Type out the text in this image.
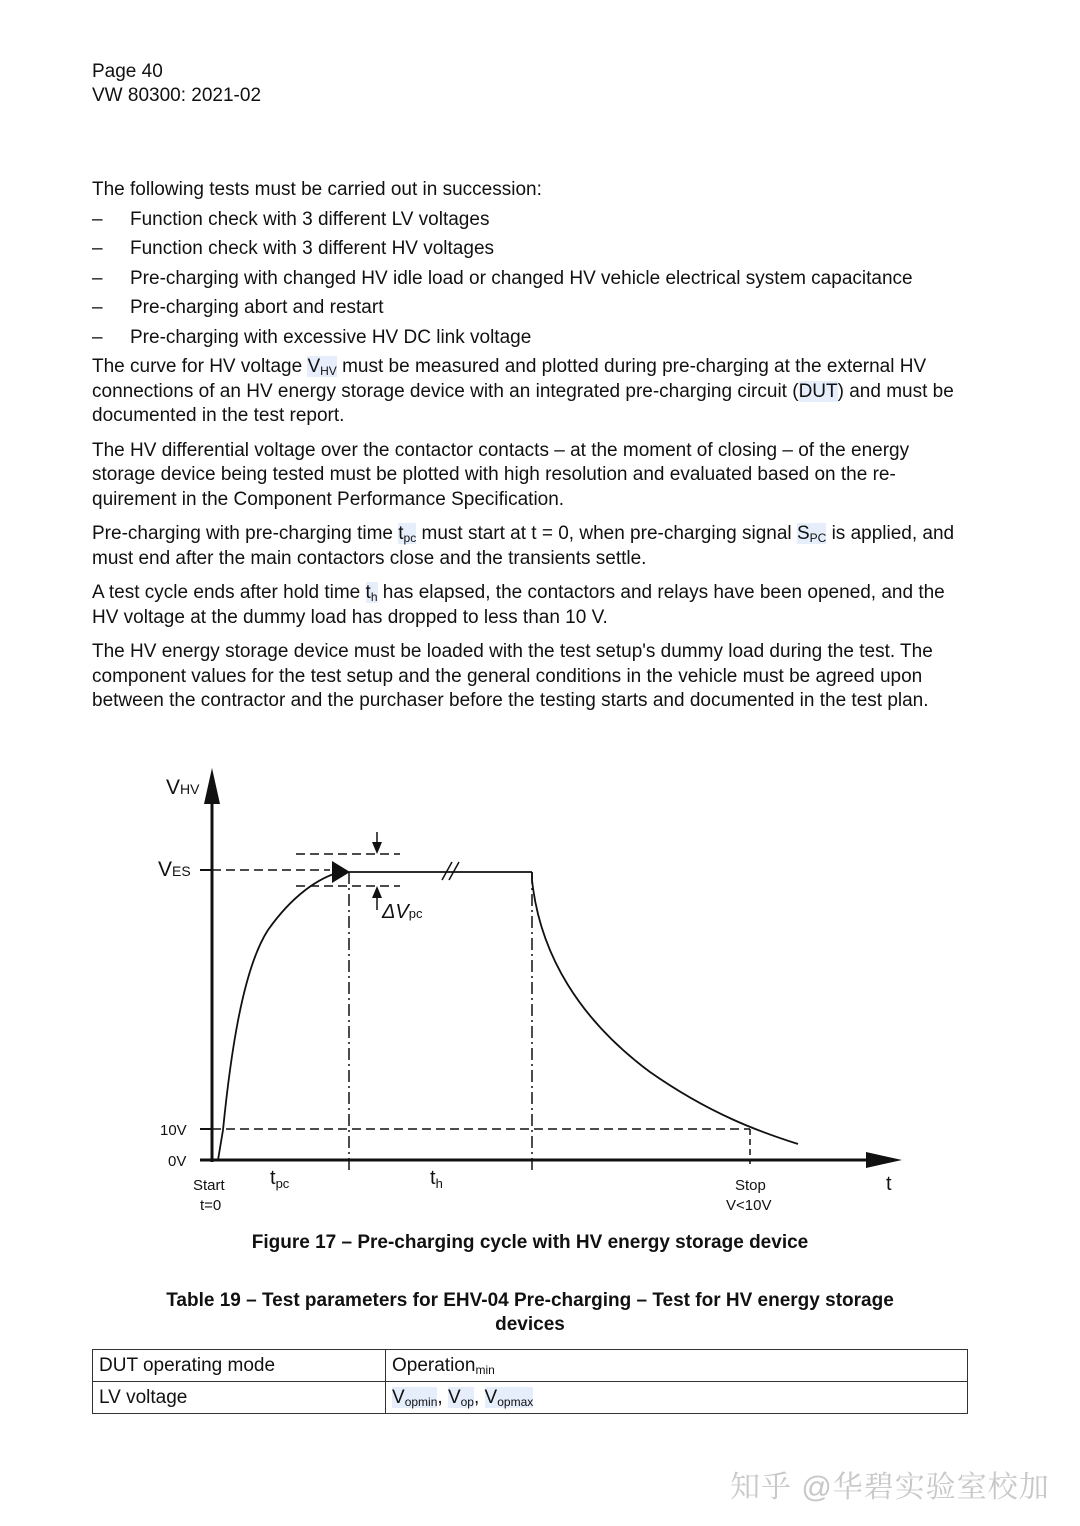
Page 40
VW 80300: 2021-02
The following tests must be carried out in succession:
– Function check with 3 different LV voltages
– Function check with 3 different HV voltages
– Pre-charging with changed HV idle load or changed HV vehicle electrical system capacitance
– Pre-charging abort and restart
– Pre-charging with excessive HV DC link voltage

The curve for HV voltage $V_{HV}$ must be measured and plotted during pre-charging at the external HV connections of an HV energy storage device with an integrated pre-charging circuit (DUT) and must be documented in the test report.

The HV differential voltage over the contactor contacts – at the moment of closing – of the energy storage device being tested must be plotted with high resolution and evaluated based on the re-quirement in the Component Performance Specification.

Pre-charging with pre-charging time $t_{pc}$ must start at t = 0, when pre-charging signal $S_{PC}$ is applied, and must end after the main contactors close and the transients settle.

A test cycle ends after hold time $t_h$ has elapsed, the contactors and relays have been opened, and the HV voltage at the dummy load has dropped to less than 10 V.

The HV energy storage device must be loaded with the test setup's dummy load during the test. The component values for the test setup and the general conditions in the vehicle must be agreed upon between the contractor and the purchaser before the testing starts and documented in the test plan.

VHV
VES
10V
0V
ΔVpc
Start
t=0
$t_{pc}$	$t_h$	Stop
V<10V
t
Figure 17 – Pre-charging cycle with HV energy storage device
Table 19 – Test parameters for EHV-04 Pre-charging – Test for HV energy storage devices
DUT operating mode	Operation$_{min}$
LV voltage	$V_{opmin}$, $V_{op}$, $V_{opmax}$
知乎 @华碧实验室校加
